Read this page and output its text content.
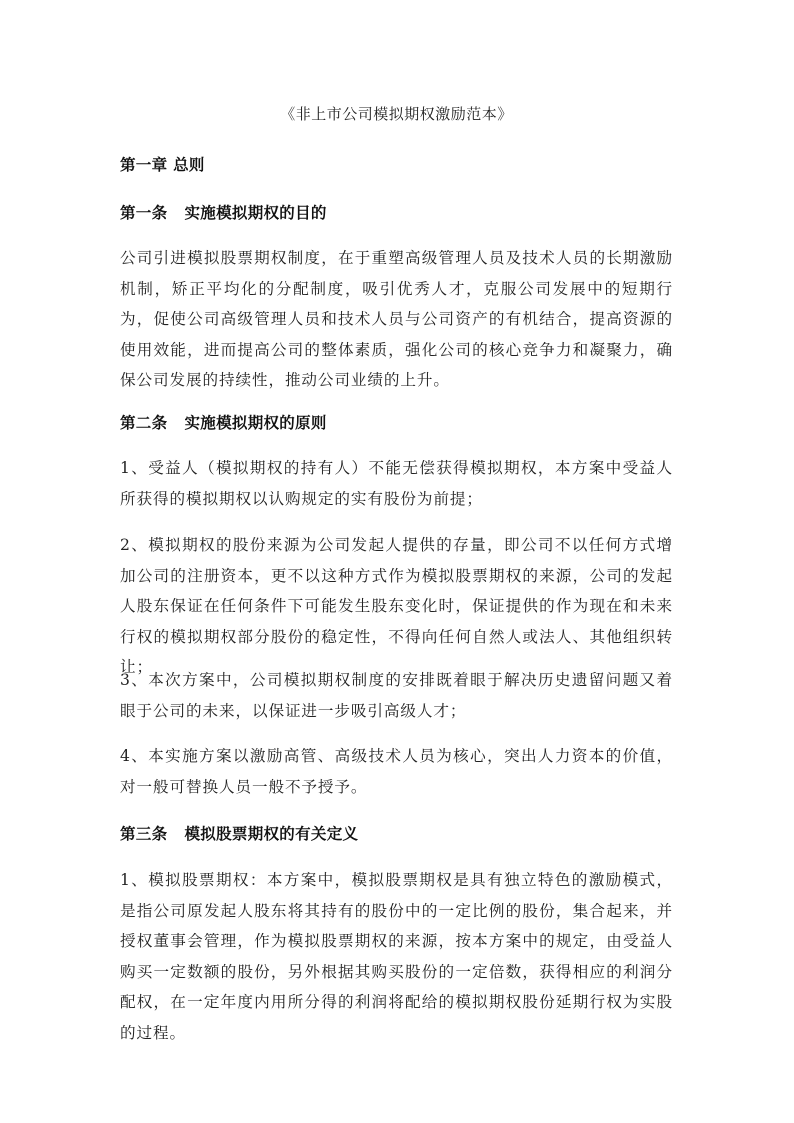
《非上市公司模拟期权激励范本》
第一章 总则
第一条   实施模拟期权的目的
公司引进模拟股票期权制度，在于重塑高级管理人员及技术人员的长期激励机制，矫正平均化的分配制度，吸引优秀人才，克服公司发展中的短期行为，促使公司高级管理人员和技术人员与公司资产的有机结合，提高资源的使用效能，进而提高公司的整体素质，强化公司的核心竞争力和凝聚力，确保公司发展的持续性，推动公司业绩的上升。
第二条   实施模拟期权的原则
1、受益人（模拟期权的持有人）不能无偿获得模拟期权，本方案中受益人所获得的模拟期权以认购规定的实有股份为前提；
2、模拟期权的股份来源为公司发起人提供的存量，即公司不以任何方式增加公司的注册资本，更不以这种方式作为模拟股票期权的来源，公司的发起人股东保证在任何条件下可能发生股东变化时，保证提供的作为现在和未来行权的模拟期权部分股份的稳定性，不得向任何自然人或法人、其他组织转让；
3、本次方案中，公司模拟期权制度的安排既着眼于解决历史遗留问题又着眼于公司的未来，以保证进一步吸引高级人才；
4、本实施方案以激励高管、高级技术人员为核心，突出人力资本的价值，对一般可替换人员一般不予授予。
第三条   模拟股票期权的有关定义
1、模拟股票期权：本方案中，模拟股票期权是具有独立特色的激励模式，是指公司原发起人股东将其持有的股份中的一定比例的股份，集合起来，并授权董事会管理，作为模拟股票期权的来源，按本方案中的规定，由受益人购买一定数额的股份，另外根据其购买股份的一定倍数，获得相应的利润分配权，在一定年度内用所分得的利润将配给的模拟期权股份延期行权为实股的过程。
